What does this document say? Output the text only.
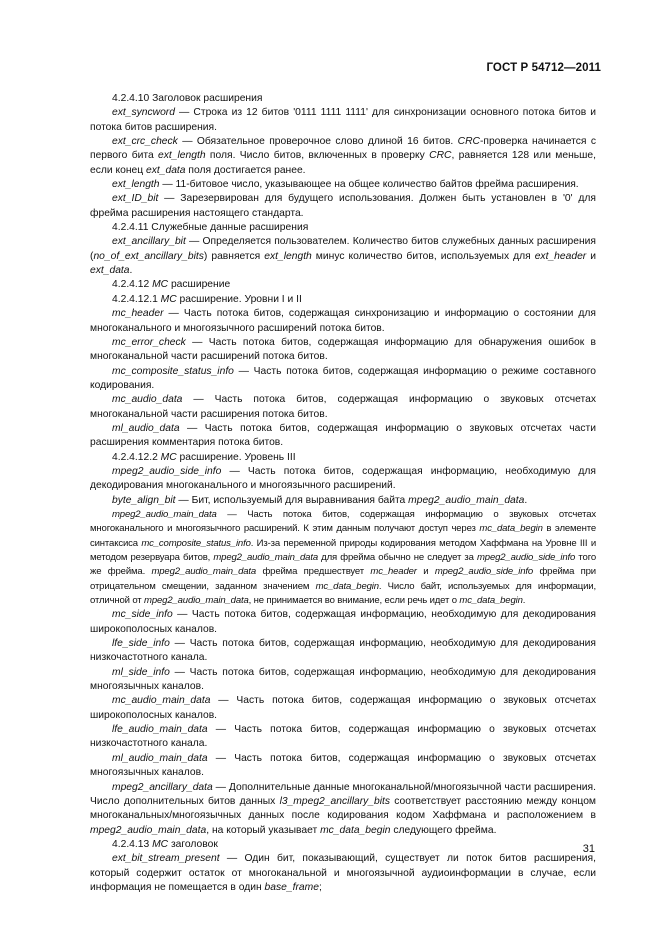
ГОСТ Р 54712—2011

4.2.4.10 Заголовок расширения

ext_syncword — Строка из 12 битов '0111 1111 1111' для синхронизации основного потока битов и потока битов расширения.

ext_crc_check — Обязательное проверочное слово длиной 16 битов. CRC-проверка начинается с первого бита ext_length поля. Число битов, включенных в проверку CRC, равняется 128 или меньше, если конец ext_data поля достигается ранее.

ext_length — 11-битовое число, указывающее на общее количество байтов фрейма расширения.

ext_ID_bit — Зарезервирован для будущего использования. Должен быть установлен в '0' для фрейма расширения настоящего стандарта.

4.2.4.11 Служебные данные расширения

ext_ancillary_bit — Определяется пользователем. Количество битов служебных данных расширения (no_of_ext_ancillary_bits) равняется ext_length минус количество битов, используемых для ext_header и ext_data.

4.2.4.12 МС расширение

4.2.4.12.1 МС расширение. Уровни I и II

mc_header — Часть потока битов, содержащая синхронизацию и информацию о состоянии для многоканального и многоязычного расширений потока битов.

mc_error_check — Часть потока битов, содержащая информацию для обнаружения ошибок в многоканальной части расширений потока битов.

mc_composite_status_info — Часть потока битов, содержащая информацию о режиме составного кодирования.

mc_audio_data — Часть потока битов, содержащая информацию о звуковых отсчетах многоканальной части расширения потока битов.

ml_audio_data — Часть потока битов, содержащая информацию о звуковых отсчетах части расширения комментария потока битов.

4.2.4.12.2 МС расширение. Уровень III

mpeg2_audio_side_info — Часть потока битов, содержащая информацию, необходимую для декодирования многоканального и многоязычного расширений.

byte_align_bit — Бит, используемый для выравнивания байта mpeg2_audio_main_data.

mpeg2_audio_main_data — Часть потока битов, содержащая информацию о звуковых отсчетах многоканального и многоязычного расширений. К этим данным получают доступ через mc_data_begin в элементе синтаксиса mc_composite_status_info. Из-за переменной природы кодирования методом Хаффмана на Уровне III и методом резервуара битов, mpeg2_audio_main_data для фрейма обычно не следует за mpeg2_audio_side_info того же фрейма. mpeg2_audio_main_data фрейма предшествует mc_header и mpeg2_audio_side_info фрейма при отрицательном смещении, заданном значением mc_data_begin. Число байт, используемых для информации, отличной от mpeg2_audio_main_data, не принимается во внимание, если речь идет о mc_data_begin.

mc_side_info — Часть потока битов, содержащая информацию, необходимую для декодирования широкополосных каналов.

lfe_side_info — Часть потока битов, содержащая информацию, необходимую для декодирования низкочастотного канала.

ml_side_info — Часть потока битов, содержащая информацию, необходимую для декодирования многоязычных каналов.

mc_audio_main_data — Часть потока битов, содержащая информацию о звуковых отсчетах широкополосных каналов.

lfe_audio_main_data — Часть потока битов, содержащая информацию о звуковых отсчетах низкочастотного канала.

ml_audio_main_data — Часть потока битов, содержащая информацию о звуковых отсчетах многоязычных каналов.

mpeg2_ancillary_data — Дополнительные данные многоканальной/многоязычной части расширения. Число дополнительных битов данных l3_mpeg2_ancillary_bits соответствует расстоянию между концом многоканальных/многоязычных данных после кодирования кодом Хаффмана и расположением в mpeg2_audio_main_data, на который указывает mc_data_begin следующего фрейма.

4.2.4.13 МС заголовок

ext_bit_stream_present — Один бит, показывающий, существует ли поток битов расширения, который содержит остаток от многоканальной и многоязычной аудиоинформации в случае, если информация не помещается в один base_frame;

31
